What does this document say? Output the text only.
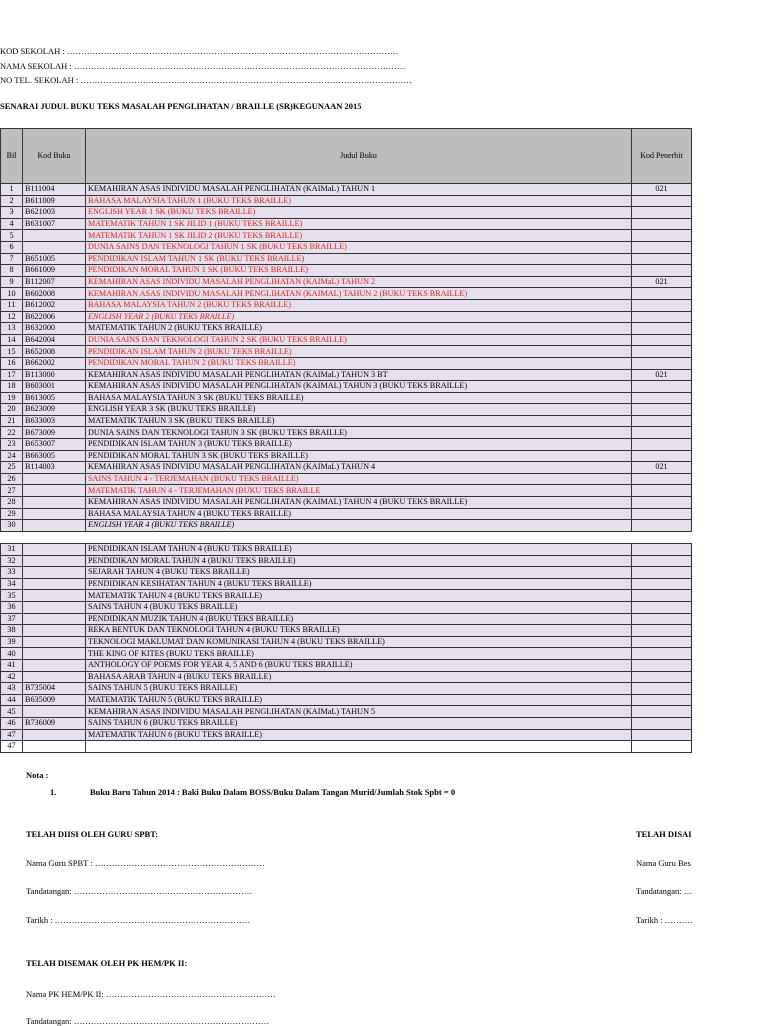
KOD SEKOLAH : ………………………………………………………………………………………………………
NAMA SEKOLAH : ………………………………………………………………………………………………………
NO TEL. SEKOLAH : ………………………………………………………………………………………………………
SENARAI JUDUL BUKU TEKS MASALAH PENGLIHATAN / BRAILLE (SR)KEGUNAAN 2015
Bil	Kod Buku	Judul Buku	Kod Penerbit
1	B111004	KEMAHIRAN ASAS INDIVIDU MASALAH PENGLIHATAN (KAIMaL) TAHUN 1	021
2	B611009	BAHASA MALAYSIA TAHUN 1 (BUKU TEKS BRAILLE)	
3	B621003	ENGLISH YEAR 1 SK (BUKU TEKS BRAILLE)	
4	B631007	MATEMATIK TAHUN 1 SK JILID 1 (BUKU TEKS BRAILLE)	
5		MATEMATIK TAHUN 1 SK JILID 2 (BUKU TEKS BRAILLE)	
6		DUNIA SAINS DAN TEKNOLOGI TAHUN 1 SK (BUKU TEKS BRAILLE)	
7	B651005	PENDIDIKAN ISLAM TAHUN 1 SK (BUKU TEKS BRAILLE)	
8	B661009	PENDIDIKAN MORAL TAHUN 1 SK (BUKU TEKS BRAILLE)	
9	B112007	KEMAHIRAN ASAS INDIVIDU MASALAH PENGLIHATAN (KAIMaL) TAHUN 2	021
10	B602008	KEMAHIRAN ASAS INDIVIDU MASALAH PENGLIHATAN (KAIMAL) TAHUN 2 (BUKU TEKS BRAILLE)	
11	B612002	BAHASA MALAYSIA TAHUN 2 (BUKU TEKS BRAILLE)	
12	B622006	ENGLISH YEAR 2 (BUKU TEKS BRAILLE)	
13	B632000	MATEMATIK TAHUN 2 (BUKU TEKS BRAILLE)	
14	B642004	DUNIA SAINS DAN TEKNOLOGI TAHUN 2 SK (BUKU TEKS BRAILLE)	
15	B652008	PENDIDIKAN ISLAM TAHUN 2 (BUKU TEKS BRAILLE)	
16	B662002	PENDIDIKAN MORAL TAHUN 2 (BUKU TEKS BRAILLE)	
17	B113000	KEMAHIRAN ASAS INDIVIDU MASALAH PENGLIHATAN (KAIMaL) TAHUN 3 BT	021
18	B603001	KEMAHIRAN ASAS INDIVIDU MASALAH PENGLIHATAN (KAIMAL) TAHUN 3 (BUKU TEKS BRAILLE)	
19	B613005	BAHASA MALAYSIA TAHUN 3 SK (BUKU TEKS BRAILLE)	
20	B623009	ENGLISH YEAR 3 SK (BUKU TEKS BRAILLE)	
21	B633003	MATEMATIK TAHUN 3 SK (BUKU TEKS BRAILLE)	
22	B673009	DUNIA SAINS DAN TEKNOLOGI TAHUN 3 SK (BUKU TEKS BRAILLE)	
23	B653007	PENDIDIKAN ISLAM TAHUN 3 (BUKU TEKS BRAILLE)	
24	B663005	PENDIDIKAN MORAL TAHUN 3 SK (BUKU TEKS BRAILLE)	
25	B114003	KEMAHIRAN ASAS INDIVIDU MASALAH PENGLIHATAN (KAIMaL) TAHUN 4	021
26		SAINS TAHUN 4 - TERJEMAHAN (BUKU TEKS BRAILLE)	
27		MATEMATIK TAHUN 4 - TERJEMAHAN (BUKU TEKS BRAILLE	
28		KEMAHIRAN ASAS INDIVIDU MASALAH PENGLIHATAN (KAIMAL) TAHUN 4 (BUKU TEKS BRAILLE)	
29		BAHASA MALAYSIA TAHUN 4 (BUKU TEKS BRAILLE)	
30		ENGLISH YEAR 4 (BUKU TEKS BRAILLE)	
31		PENDIDIKAN ISLAM TAHUN 4 (BUKU TEKS BRAILLE)	
32		PENDIDIKAN MORAL TAHUN 4 (BUKU TEKS BRAILLE)	
33		SEJARAH TAHUN 4 (BUKU TEKS BRAILLE)	
34		PENDIDIKAN KESIHATAN TAHUN 4 (BUKU TEKS BRAILLE)	
35		MATEMATIK TAHUN 4 (BUKU TEKS BRAILLE)	
36		SAINS TAHUN 4 (BUKU TEKS BRAILLE)	
37		PENDIDIKAN MUZIK TAHUN 4 (BUKU TEKS BRAILLE)	
38		REKA BENTUK DAN TEKNOLOGI TAHUN 4 (BUKU TEKS BRAILLE)	
39		TEKNOLOGI MAKLUMAT DAN KOMUNIKASI TAHUN 4 (BUKU TEKS BRAILLE)	
40		THE KING OF KITES (BUKU TEKS BRAILLE)	
41		ANTHOLOGY OF POEMS FOR YEAR 4, 5 AND 6 (BUKU TEKS BRAILLE)	
42		BAHASA ARAB TAHUN 4 (BUKU TEKS BRAILLE)	
43	B735004	SAINS TAHUN 5 (BUKU TEKS BRAILLE)	
44	B635009	MATEMATIK TAHUN 5 (BUKU TEKS BRAILLE)	
45		KEMAHIRAN ASAS INDIVIDU MASALAH PENGLIHATAN (KAIMaL) TAHUN 5	
46	B736009	SAINS TAHUN 6 (BUKU TEKS BRAILLE)	
47		MATEMATIK TAHUN 6 (BUKU TEKS BRAILLE)	
47			
Nota :
1.	Buku Baru Tahun 2014 : Baki Buku Dalam BOSS/Buku Dalam Tangan Murid/Jumlah Stok Spbt = 0
TELAH DIISI OLEH GURU SPBT:
Nama Guru SPBT : ……………………………………………………
Tandatangan: ………………………………………………………
Tarikh : ……………………………………………………………
TELAH DISAI
Nama Guru Bes
Tandatangan: …
Tarikh : ……….
TELAH DISEMAK OLEH PK HEM/PK II:
Nama PK HEM/PK II: ……………………………………………………
Tandatangan: ……………………………………………………………
